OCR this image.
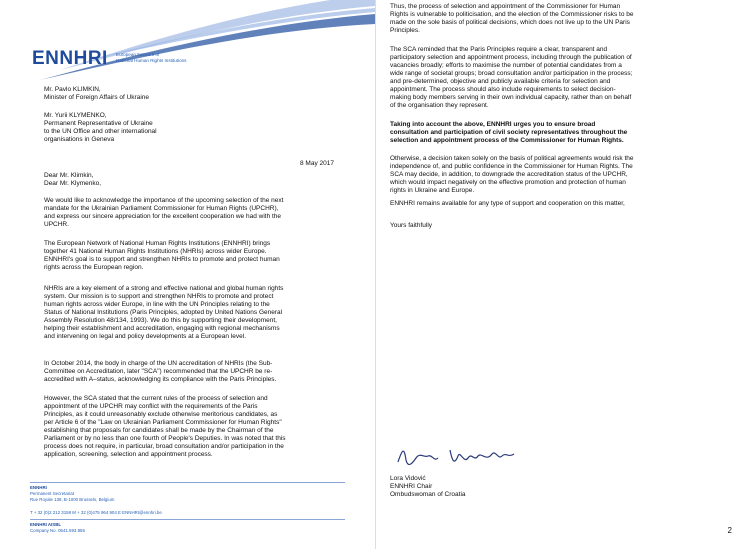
ENNHRI European Network of
National Human Rights Institutions

Mr. Pavlo KLIMKIN,
Minister of Foreign Affairs of Ukraine

Mr. Yurii KLYMENKO,
Permanent Representative of Ukraine
to the UN Office and other international
organisations in Geneva

8 May 2017

Dear Mr. Klimkin,
Dear Mr. Klymenko,

We would like to acknowledge the importance of the upcoming selection of the next
mandate for the Ukrainian Parliament Commissioner for Human Rights (UPCHR),
and express our sincere appreciation for the excellent cooperation we had with the
UPCHR.

The European Network of National Human Rights Institutions (ENNHRI) brings
together 41 National Human Rights Institutions (NHRIs) across wider Europe.
ENNHRI's goal is to support and strengthen NHRIs to promote and protect human
rights across the European region.

NHRIs are a key element of a strong and effective national and global human rights
system. Our mission is to support and strengthen NHRIs to promote and protect
human rights across wider Europe, in line with the UN Principles relating to the
Status of National Institutions (Paris Principles, adopted by United Nations General
Assembly Resolution 48/134, 1993). We do this by supporting their development,
helping their establishment and accreditation, engaging with regional mechanisms
and intervening on legal and policy developments at a European level.

In October 2014, the body in charge of the UN accreditation of NHRIs (the Sub-
Committee on Accreditation, later "SCA") recommended that the UPCHR be re-
accredited with A–status, acknowledging its compliance with the Paris Principles.

However, the SCA stated that the current rules of the process of selection and
appointment of the UPCHR may conflict with the requirements of the Paris
Principles, as it could unreasonably exclude otherwise meritorious candidates, as
per Article 6 of the "Law on Ukrainian Parliament Commissioner for Human Rights"
establishing that proposals for candidates shall be made by the Chairman of the
Parliament or by no less than one fourth of People's Deputies. In was noted that this
process does not require, in particular, broad consultation and/or participation in the
application, screening, selection and appointment process.

ENNHRI
Permanent Secretariat
Rue Royale 138, B-1000 Brussels, Belgium
T + 32 (0)2 212 3158 M + 32 (0)475 964 904 E ENNHRI@ennhri.be
ENNHRI AISBL
Company No. 0541.593.956

Thus, the process of selection and appointment of the Commissioner for Human
Rights is vulnerable to politicisation, and the election of the Commissioner risks to be
made on the sole basis of political decisions, which does not live up to the UN Paris
Principles.

The SCA reminded that the Paris Principles require a clear, transparent and
participatory selection and appointment process, including through the publication of
vacancies broadly; efforts to maximise the number of potential candidates from a
wide range of societal groups; broad consultation and/or participation in the process;
and pre-determined, objective and publicly available criteria for selection and
appointment. The process should also include requirements to select decision-
making body members serving in their own individual capacity, rather than on behalf
of the organisation they represent.

Taking into account the above, ENNHRI urges you to ensure broad
consultation and participation of civil society representatives throughout the
selection and appointment process of the Commissioner for Human Rights.

Otherwise, a decision taken solely on the basis of political agreements would risk the
independence of, and public confidence in the Commissioner for Human Rights. The
SCA may decide, in addition, to downgrade the accreditation status of the UPCHR,
which would impact negatively on the effective promotion and protection of human
rights in Ukraine and Europe.

ENNHRI remains available for any type of support and cooperation on this matter,

Yours faithfully

Lora Vidović
ENNHRI Chair
Ombudswoman of Croatia

2
